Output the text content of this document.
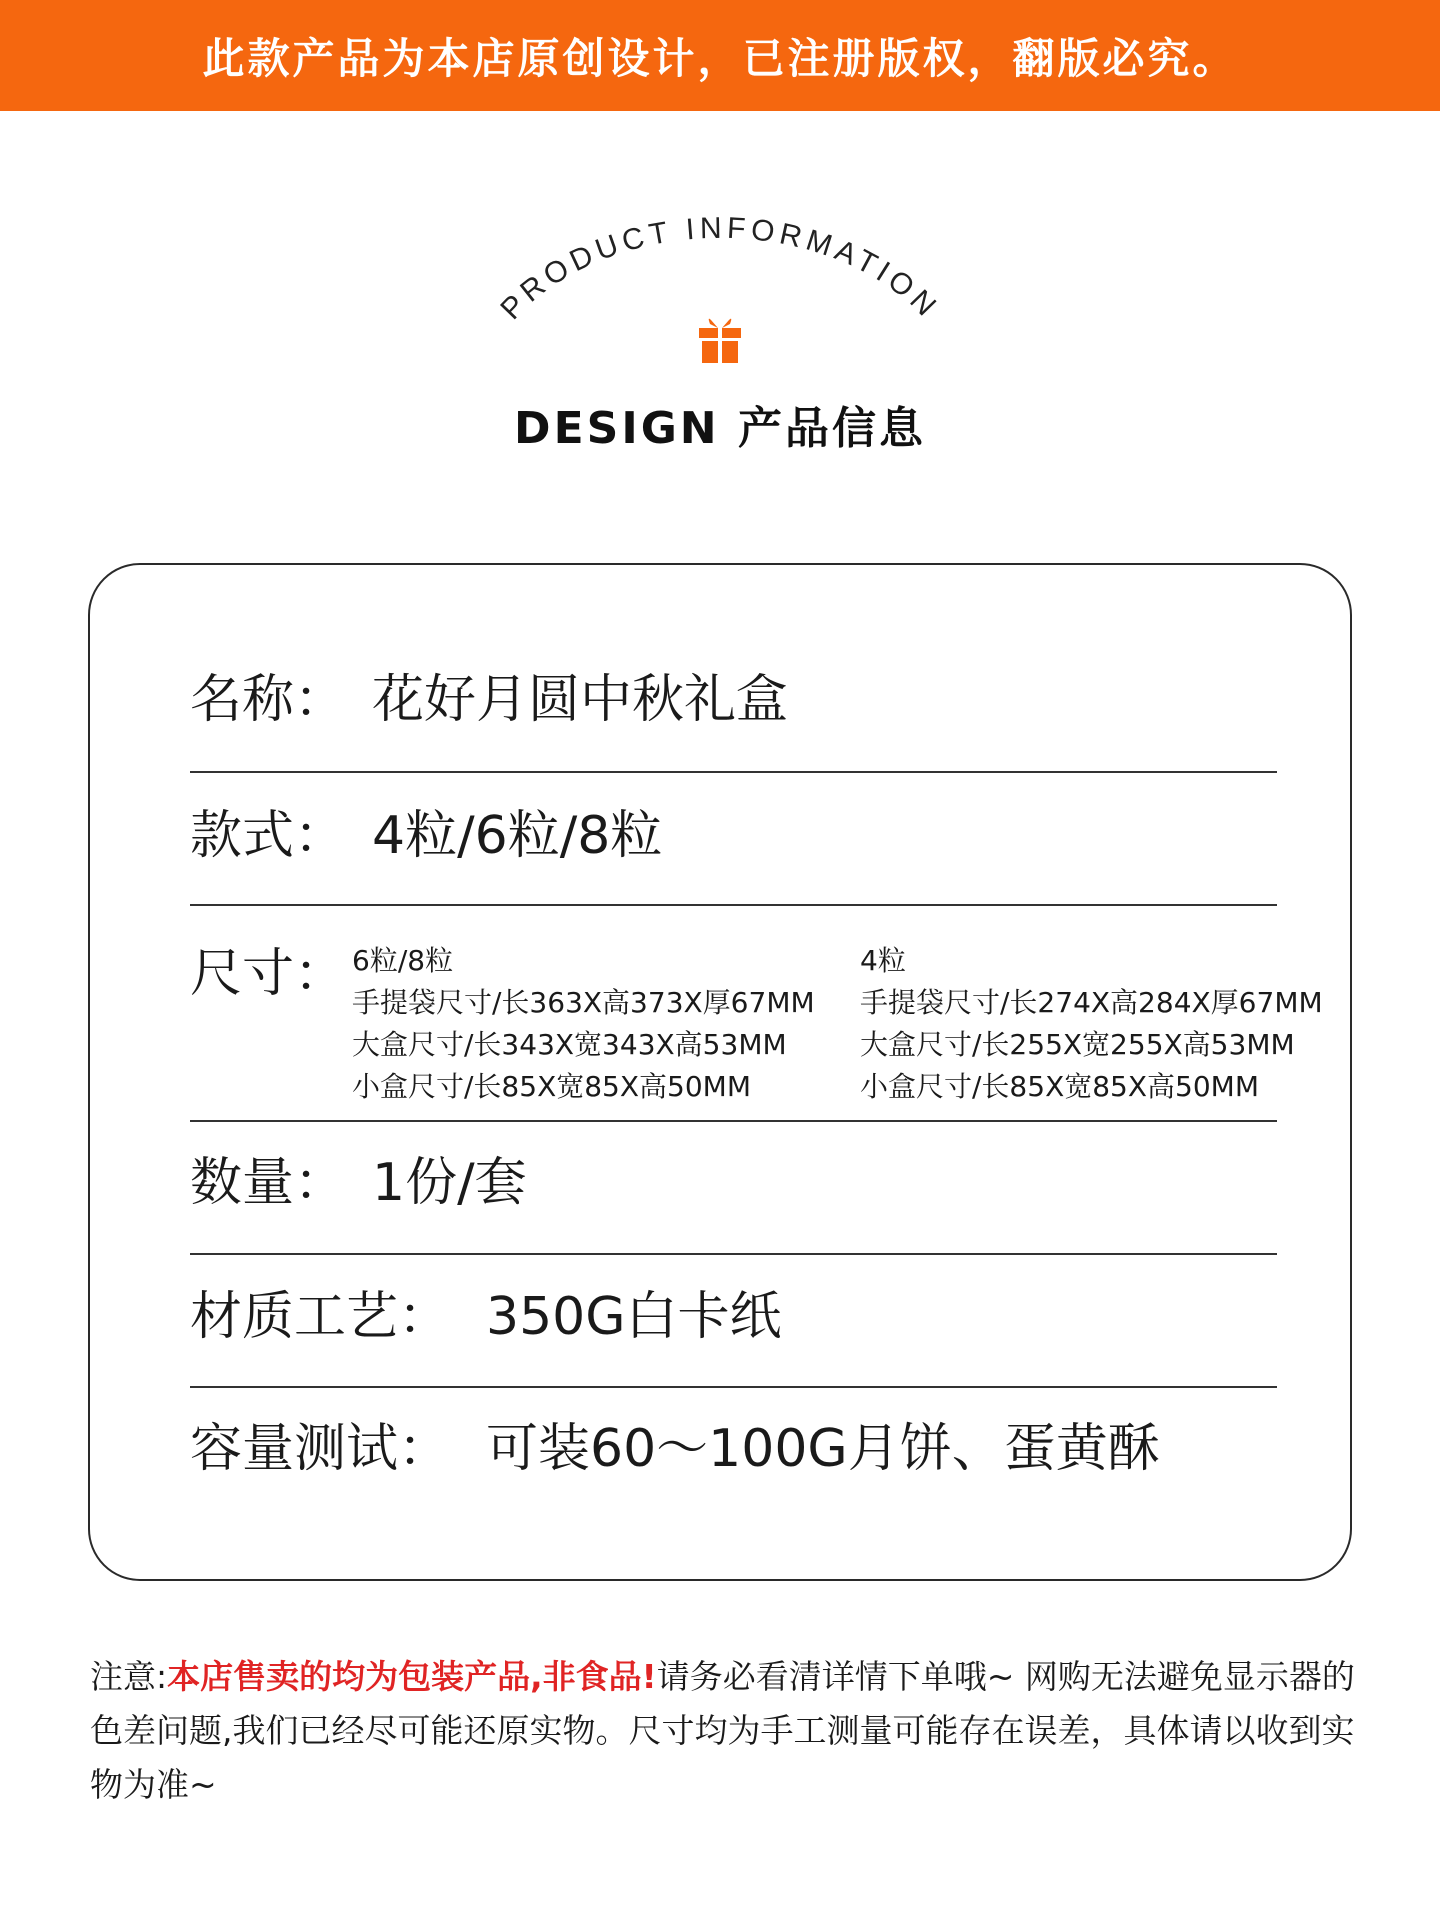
此款产品为本店原创设计，已注册版权，翻版必究。
PRODUCT INFORMATION
DESIGN 产品信息
名称： 花好月圆中秋礼盒
款式： 4粒/6粒/8粒
尺寸： 6粒/8粒
手提袋尺寸/长363X高373X厚67MM
大盒尺寸/长343X宽343X高53MM
小盒尺寸/长85X宽85X高50MM
4粒
手提袋尺寸/长274X高284X厚67MM
大盒尺寸/长255X宽255X高53MM
小盒尺寸/长85X宽85X高50MM
数量： 1份/套
材质工艺： 350G白卡纸
容量测试： 可装60～100G月饼、蛋黄酥
注意:本店售卖的均为包装产品,非食品!请务必看清详情下单哦~ 网购无法避免显示器的色差问题,我们已经尽可能还原实物。尺寸均为手工测量可能存在误差，具体请以收到实物为准~
